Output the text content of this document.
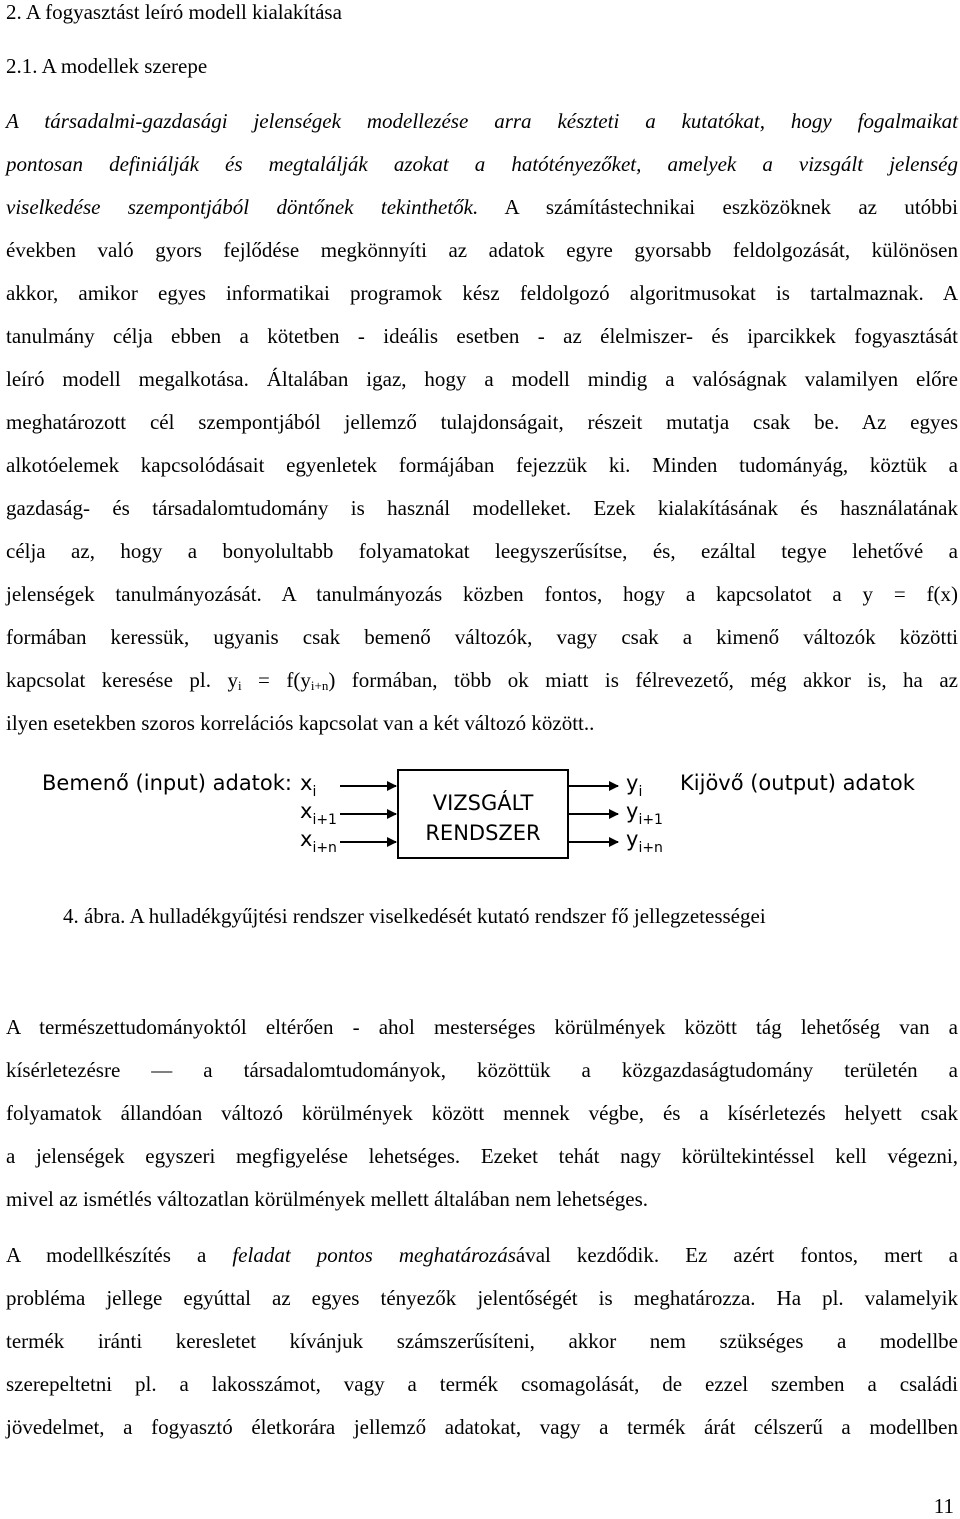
2. A fogyasztást leíró modell kialakítása
2.1. A modellek szerepe

A társadalmi-gazdasági jelenségek modellezése arra készteti a kutatókat, hogy fogalmaikat
pontosan definiálják és megtalálják azokat a hatótényezőket, amelyek a vizsgált jelenség
viselkedése szempontjából döntőnek tekinthetők. A számítástechnikai eszközöknek az utóbbi
években való gyors fejlődése megkönnyíti az adatok egyre gyorsabb feldolgozását, különösen
akkor, amikor egyes informatikai programok kész feldolgozó algoritmusokat is tartalmaznak. A
tanulmány célja ebben a kötetben - ideális esetben - az élelmiszer- és iparcikkek fogyasztását
leíró modell megalkotása. Általában igaz, hogy a modell mindig a valóságnak valamilyen előre
meghatározott cél szempontjából jellemző tulajdonságait, részeit mutatja csak be. Az egyes
alkotóelemek kapcsolódásait egyenletek formájában fejezzük ki. Minden tudományág, köztük a
gazdaság- és társadalomtudomány is használ modelleket. Ezek kialakításának és használatának
célja az, hogy a bonyolultabb folyamatokat leegyszerűsítse, és, ezáltal tegye lehetővé a
jelenségek tanulmányozását. A tanulmányozás közben fontos, hogy a kapcsolatot a y = f(x)
formában keressük, ugyanis csak bemenő változók, vagy csak a kimenő változók közötti
kapcsolat keresése pl. $y_i = f(y_{i+n})$ formában, több ok miatt is félrevezető, még akkor is, ha az
ilyen esetekben szoros korrelációs kapcsolat van a két változó között..

Bemenő (input) adatok: $x_i$
$x_{i+1}$
$x_{i+n}$
VIZSGÁLT
RENDSZER
$y_i$
$y_{i+1}$
$y_{i+n}$
Kijövő (output) adatok
4. ábra. A hulladékgyűjtési rendszer viselkedését kutató rendszer fő jellegzetességei

A természettudományoktól eltérően - ahol mesterséges körülmények között tág lehetőség van a
kísérletezésre — a társadalomtudományok, közöttük a közgazdaságtudomány területén a
folyamatok állandóan változó körülmények között mennek végbe, és a kísérletezés helyett csak
a jelenségek egyszeri megfigyelése lehetséges. Ezeket tehát nagy körültekintéssel kell végezni,
mivel az ismétlés változatlan körülmények mellett általában nem lehetséges.

A modellkészítés a feladat pontos meghatározásával kezdődik. Ez azért fontos, mert a
probléma jellege egyúttal az egyes tényezők jelentőségét is meghatározza. Ha pl. valamelyik
termék iránti keresletet kívánjuk számszerűsíteni, akkor nem szükséges a modellbe
szerepeltetni pl. a lakosszámot, vagy a termék csomagolását, de ezzel szemben a családi
jövedelmet, a fogyasztó életkorára jellemző adatokat, vagy a termék árát célszerű a modellben

11
